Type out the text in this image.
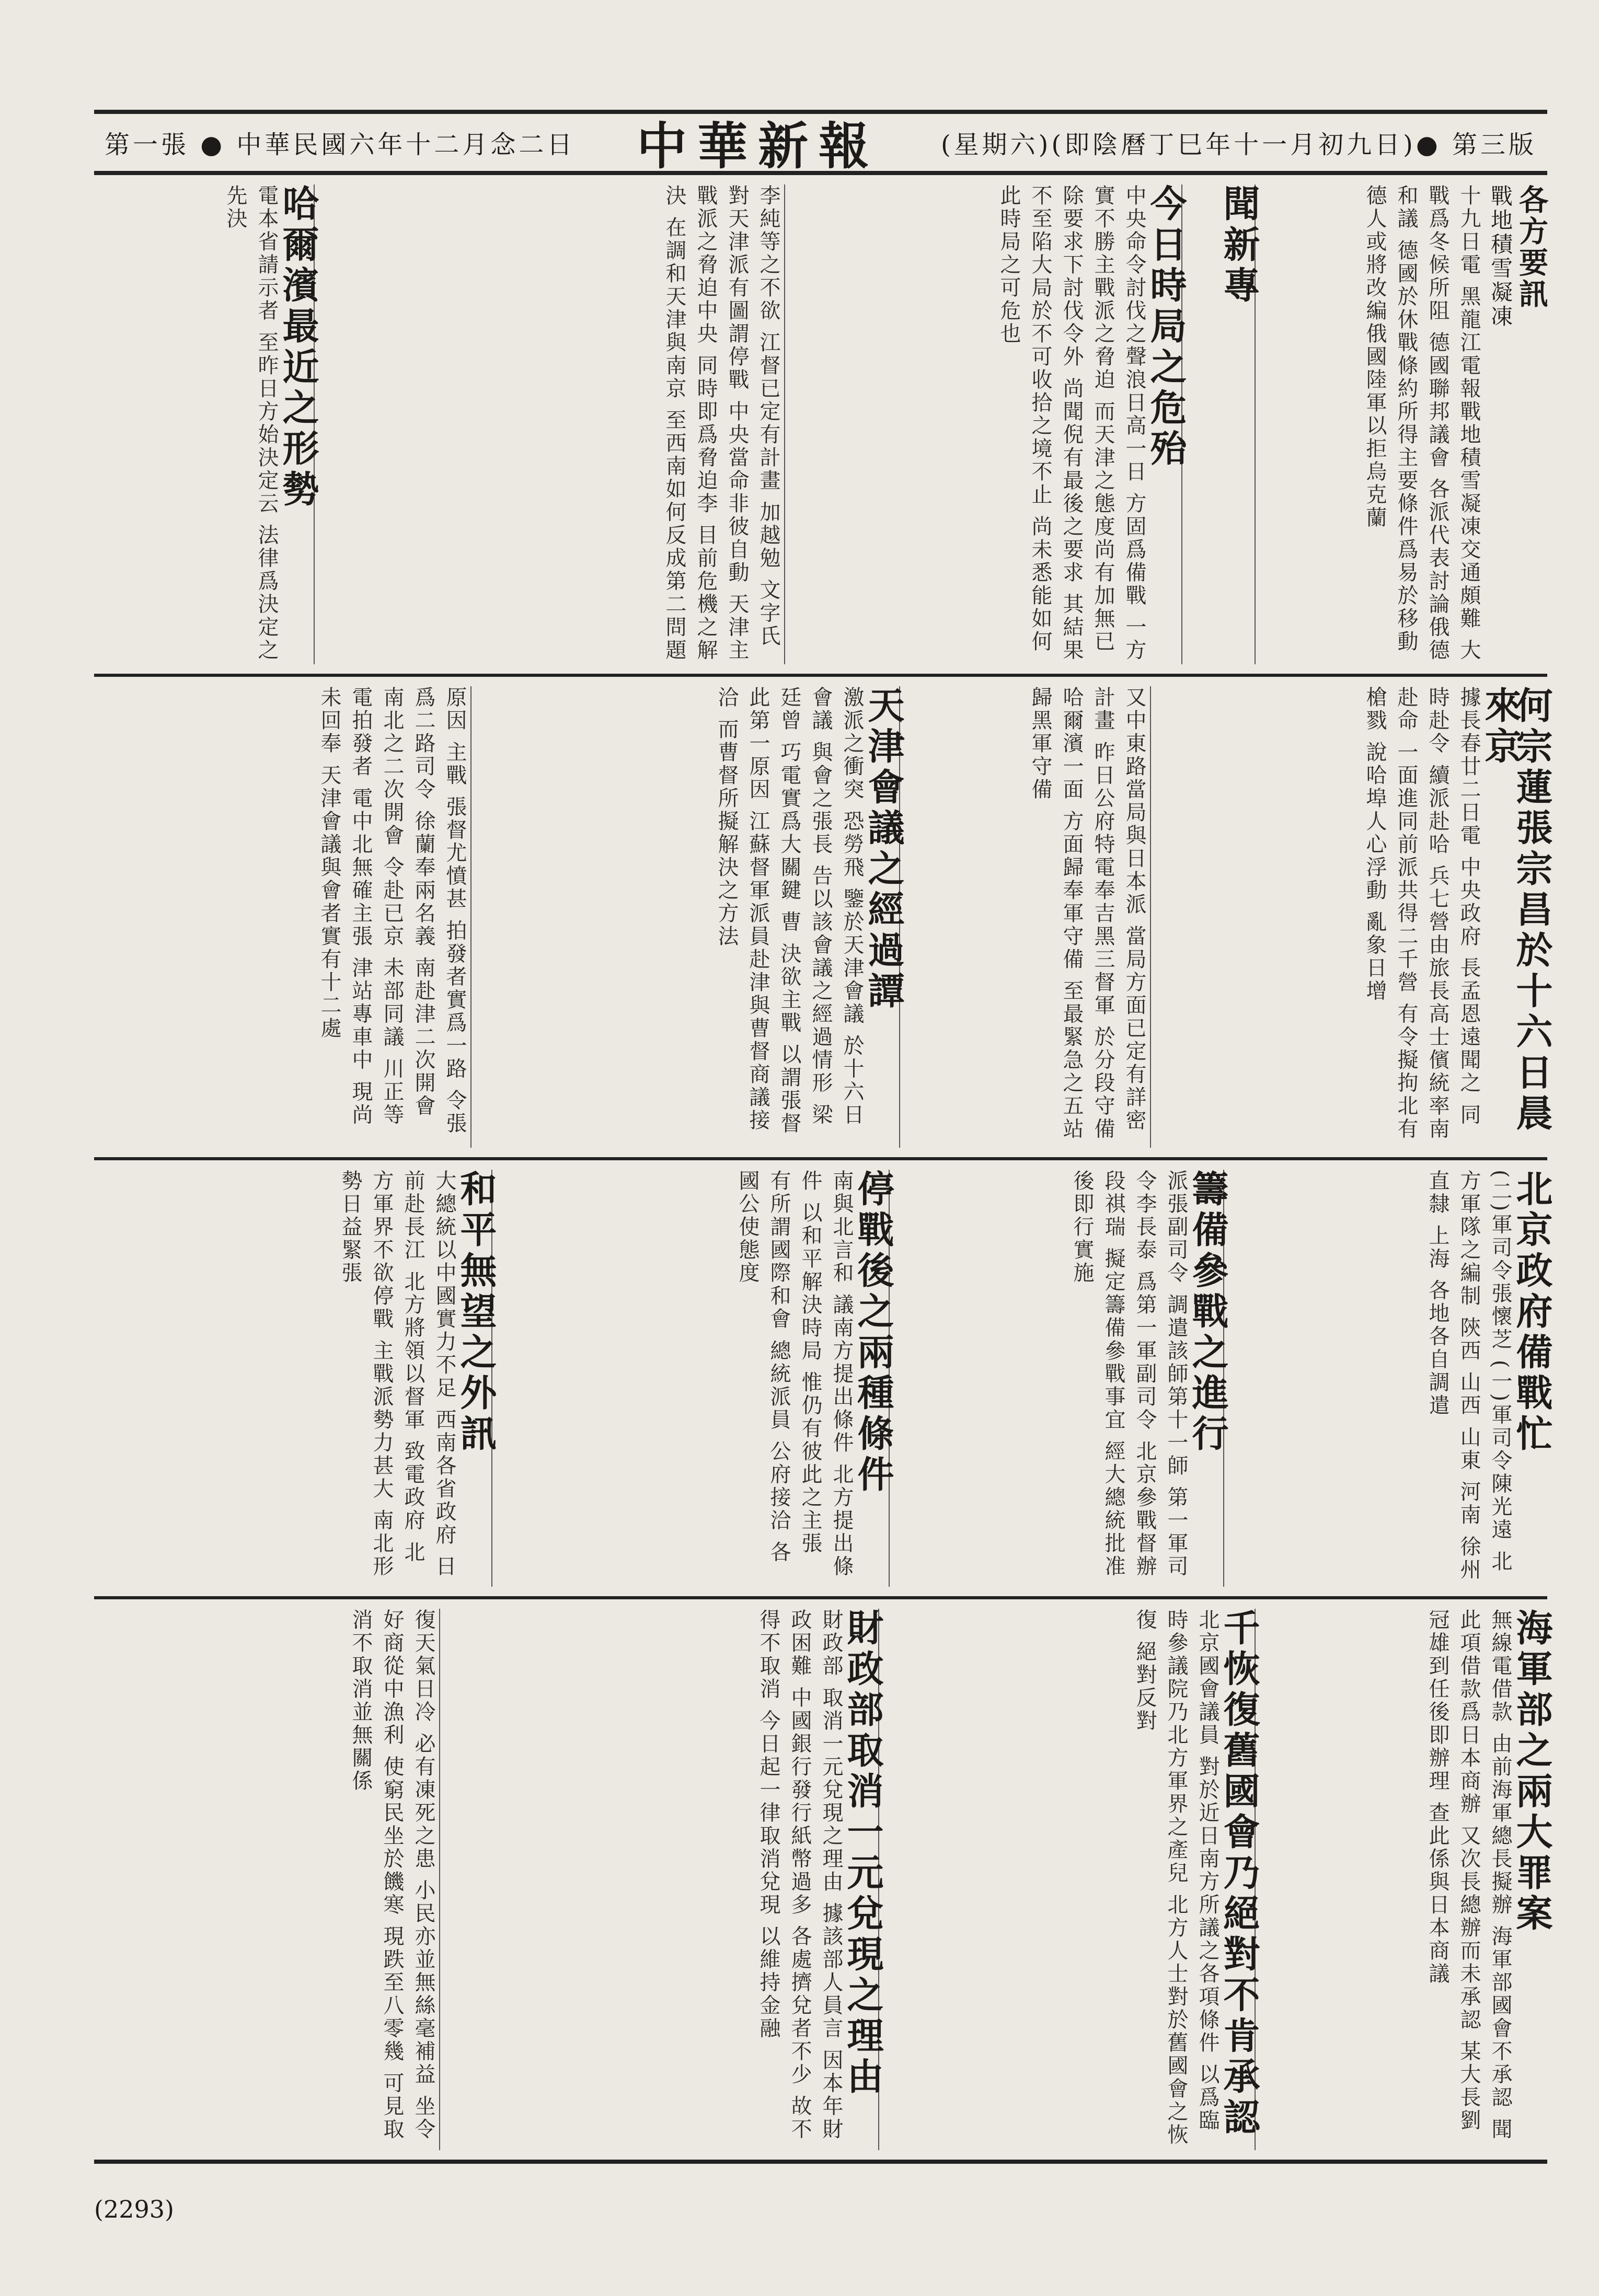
第一張 ● 中華民國六年十二月念二日 中華新報 (星期六)(即陰曆丁巳年十一月初九日)● 第三版
各方要訊
戰地積雪凝凍
十九日電 黑龍江電報戰地積雪凝凍交通頗難 大戰爲冬候所阻 德國聯邦議會 各派代表討論俄德和議 德國於休戰條約所得主要條件爲易於移動 德人或將改編俄國陸軍以拒烏克蘭
聞新專
今日時局之危殆
中央命令討伐之聲浪日高一日 方固爲備戰 一方實不勝主戰派之脅迫 而天津之態度尚有加無已 除要求下討伐令外 尚聞倪有最後之要求 其結果不至陷大局於不可收拾之境不止 尚未悉能如何 此時局之可危也
李純等之不欲 江督已定有計畫 加越勉 文字氏對天津派有圖謂停戰 中央當命非彼自動 天津主戰派之脅迫中央 同時即爲脅迫李 目前危機之解決 在調和天津與南京 至西南如何反成第二問題
哈爾濱最近之形勢
電本省請示者 至昨日方始決定云 法律爲決定之先決
何宗蓮張宗昌於十六日晨來京
據長春廿二日電 中央政府 長孟恩遠聞之 同時赴令 續派赴哈 兵七營由旅長高士儐統率南 赴命 一面進同前派共得二千營 有令擬拘北有槍戮 說哈埠人心浮動 亂象日增
又中東路當局與日本派 當局方面已定有詳密計畫 昨日公府特電奉吉黑三督軍 於分段守備 哈爾濱一面 方面歸奉軍守備 至最緊急之五站歸黑軍守備
天津會議之經過譚
激派之衝突 恐勞飛 鑒於天津會議 於十六日會議 與會之張長 告以該會議之經過情形 梁廷曾 巧電實爲大關鍵 曹 決欲主戰 以謂張督此第一原因 江蘇督軍派員赴津與曹督商議接洽 而曹督所擬解決之方法
原因 主戰 張督尤憤甚 拍發者實爲一路 令張爲二路司令 徐蘭奉兩名義 南赴津二次開會 南北之二次開會 令赴已京 未部同議 川正等電拍發者 電中北無確主張 津站專車中 現尚未回奉 天津會議與會者實有十二處
北京政府備戰忙
(二)軍司令張懷芝 (一)軍司令陳光遠 北方軍隊之編制 陝西 山西 山東 河南 徐州 直隸 上海 各地各自調遣
籌備參戰之進行
派張副司令 調遣該師第十一師 第一軍司令李長泰 爲第一軍副司令 北京參戰督辦段祺瑞 擬定籌備參戰事宜 經大總統批准後即行實施
停戰後之兩種條件
南與北言和 議南方提出條件 北方提出條件 以和平解決時局 惟仍有彼此之主張 有所謂國際和會 總統派員 公府接洽 各國公使態度
和平無望之外訊
大總統以中國實力不足 西南各省政府 日前赴長江 北方將領以督軍 致電政府 北方軍界不欲停戰 主戰派勢力甚大 南北形勢日益緊張
海軍部之兩大罪案
無線電借款 由前海軍總長擬辦 海軍部國會不承認 聞此項借款爲日本商辦 又次長總辦而未承認 某大長劉冠雄到任後即辦理 查此係與日本商議
千恢復舊國會乃絕對不肯承認
北京國會議員 對於近日南方所議之各項條件 以爲臨時參議院乃北方軍界之產兒 北方人士對於舊國會之恢復 絕對反對
財政部取消一元兌現之理由
財政部 取消一元兌現之理由 據該部人員言 因本年財政困難 中國銀行發行紙幣過多 各處擠兌者不少 故不得不取消 今日起一律取消兌現 以維持金融
復天氣日冷 必有凍死之患 小民亦並無絲毫補益 坐令好商從中漁利 使窮民坐於饑寒 現跌至八零幾 可見取消不取消並無關係
(2293)
